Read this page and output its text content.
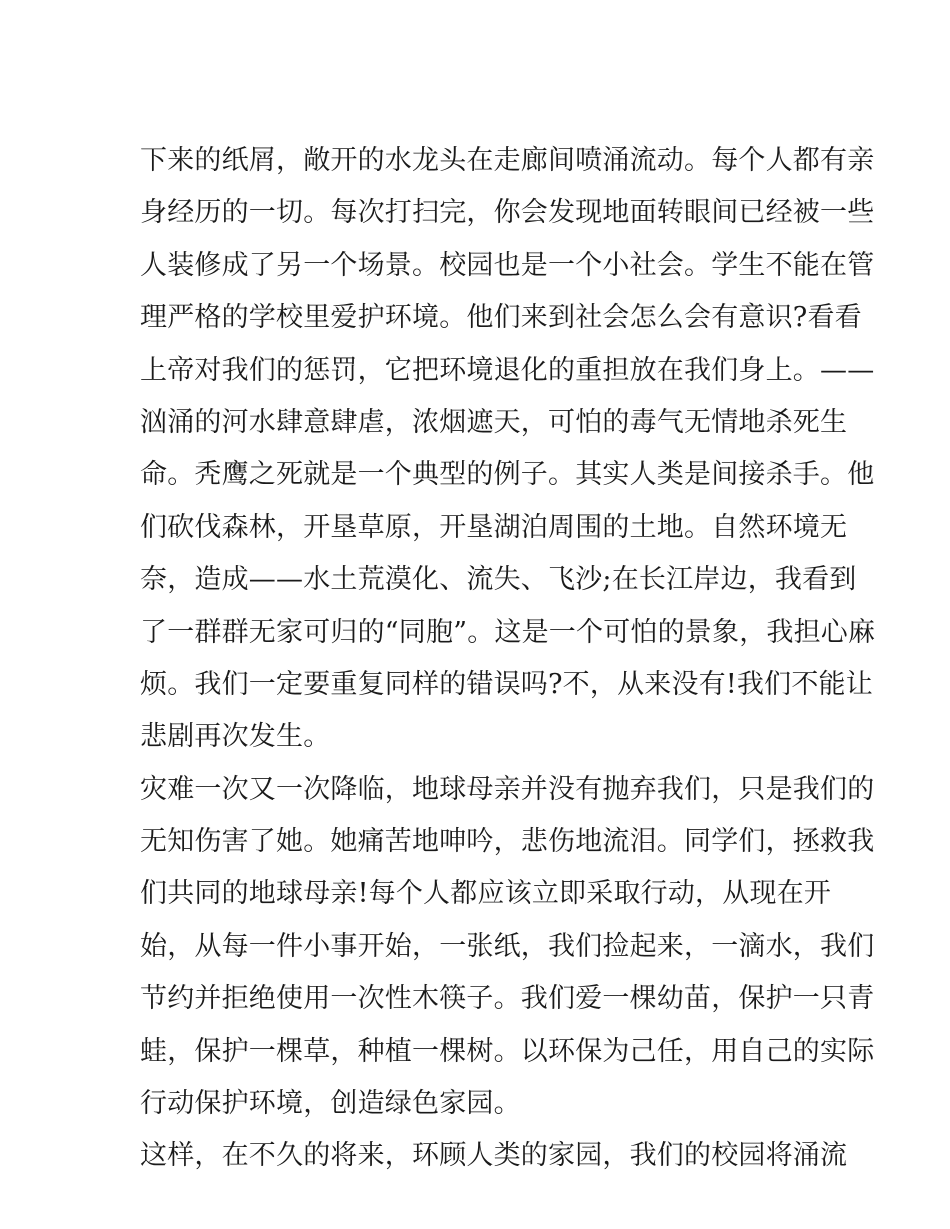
下来的纸屑，敞开的水龙头在走廊间喷涌流动。每个人都有亲
身经历的一切。每次打扫完，你会发现地面转眼间已经被一些
人装修成了另一个场景。校园也是一个小社会。学生不能在管
理严格的学校里爱护环境。他们来到社会怎么会有意识?看看
上帝对我们的惩罚，它把环境退化的重担放在我们身上。——
汹涌的河水肆意肆虐，浓烟遮天，可怕的毒气无情地杀死生
命。秃鹰之死就是一个典型的例子。其实人类是间接杀手。他
们砍伐森林，开垦草原，开垦湖泊周围的土地。自然环境无
奈，造成——水土荒漠化、流失、飞沙;在长江岸边，我看到
了一群群无家可归的“同胞”。这是一个可怕的景象，我担心麻
烦。我们一定要重复同样的错误吗?不，从来没有!我们不能让
悲剧再次发生。
灾难一次又一次降临，地球母亲并没有抛弃我们，只是我们的
无知伤害了她。她痛苦地呻吟，悲伤地流泪。同学们，拯救我
们共同的地球母亲!每个人都应该立即采取行动，从现在开
始，从每一件小事开始，一张纸，我们捡起来，一滴水，我们
节约并拒绝使用一次性木筷子。我们爱一棵幼苗，保护一只青
蛙，保护一棵草，种植一棵树。以环保为己任，用自己的实际
行动保护环境，创造绿色家园。
这样，在不久的将来，环顾人类的家园，我们的校园将涌流
